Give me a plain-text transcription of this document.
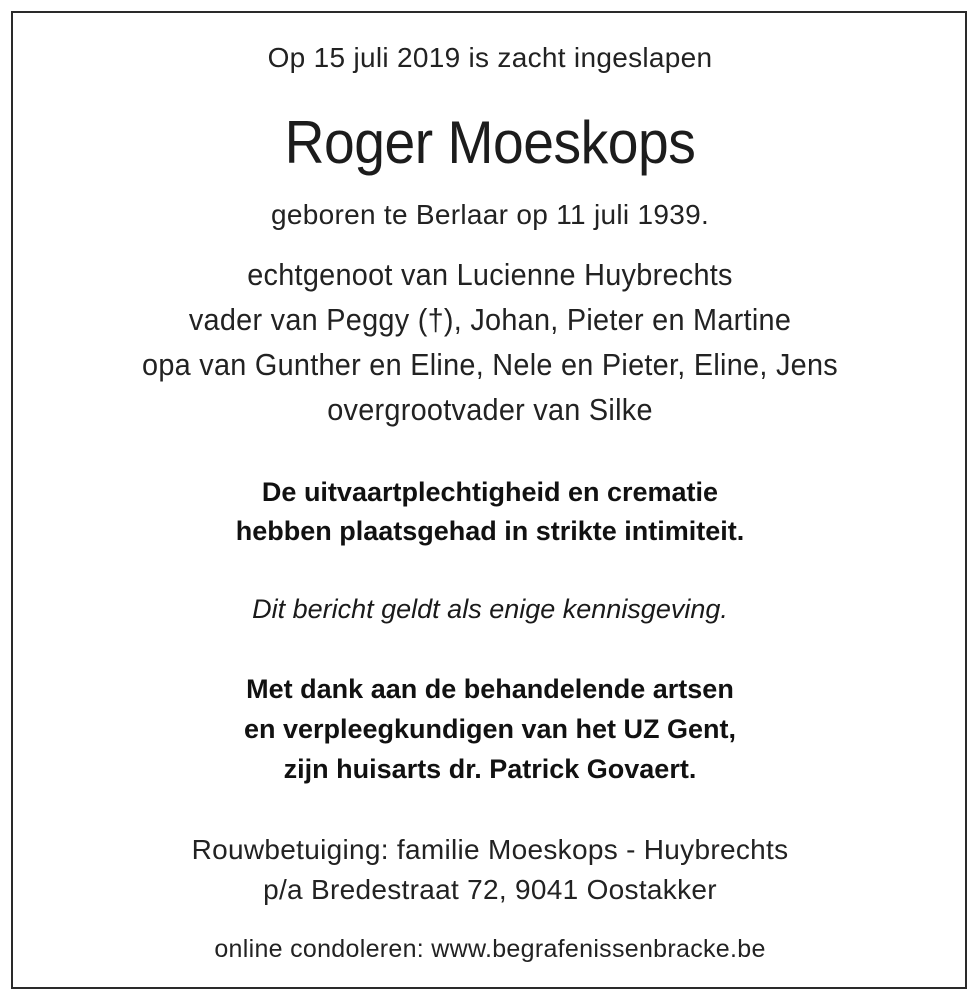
Op 15 juli 2019 is zacht ingeslapen
Roger Moeskops
geboren te Berlaar op 11 juli 1939.
echtgenoot van Lucienne Huybrechts
vader van Peggy (†), Johan, Pieter en Martine
opa van Gunther en Eline, Nele en Pieter, Eline, Jens
overgrootvader van Silke
De uitvaartplechtigheid en crematie
hebben plaatsgehad in strikte intimiteit.
Dit bericht geldt als enige kennisgeving.
Met dank aan de behandelende artsen
en verpleegkundigen van het UZ Gent,
zijn huisarts dr. Patrick Govaert.
Rouwbetuiging: familie Moeskops - Huybrechts
p/a Bredestraat 72, 9041 Oostakker
online condoleren: www.begrafenissenbracke.be
